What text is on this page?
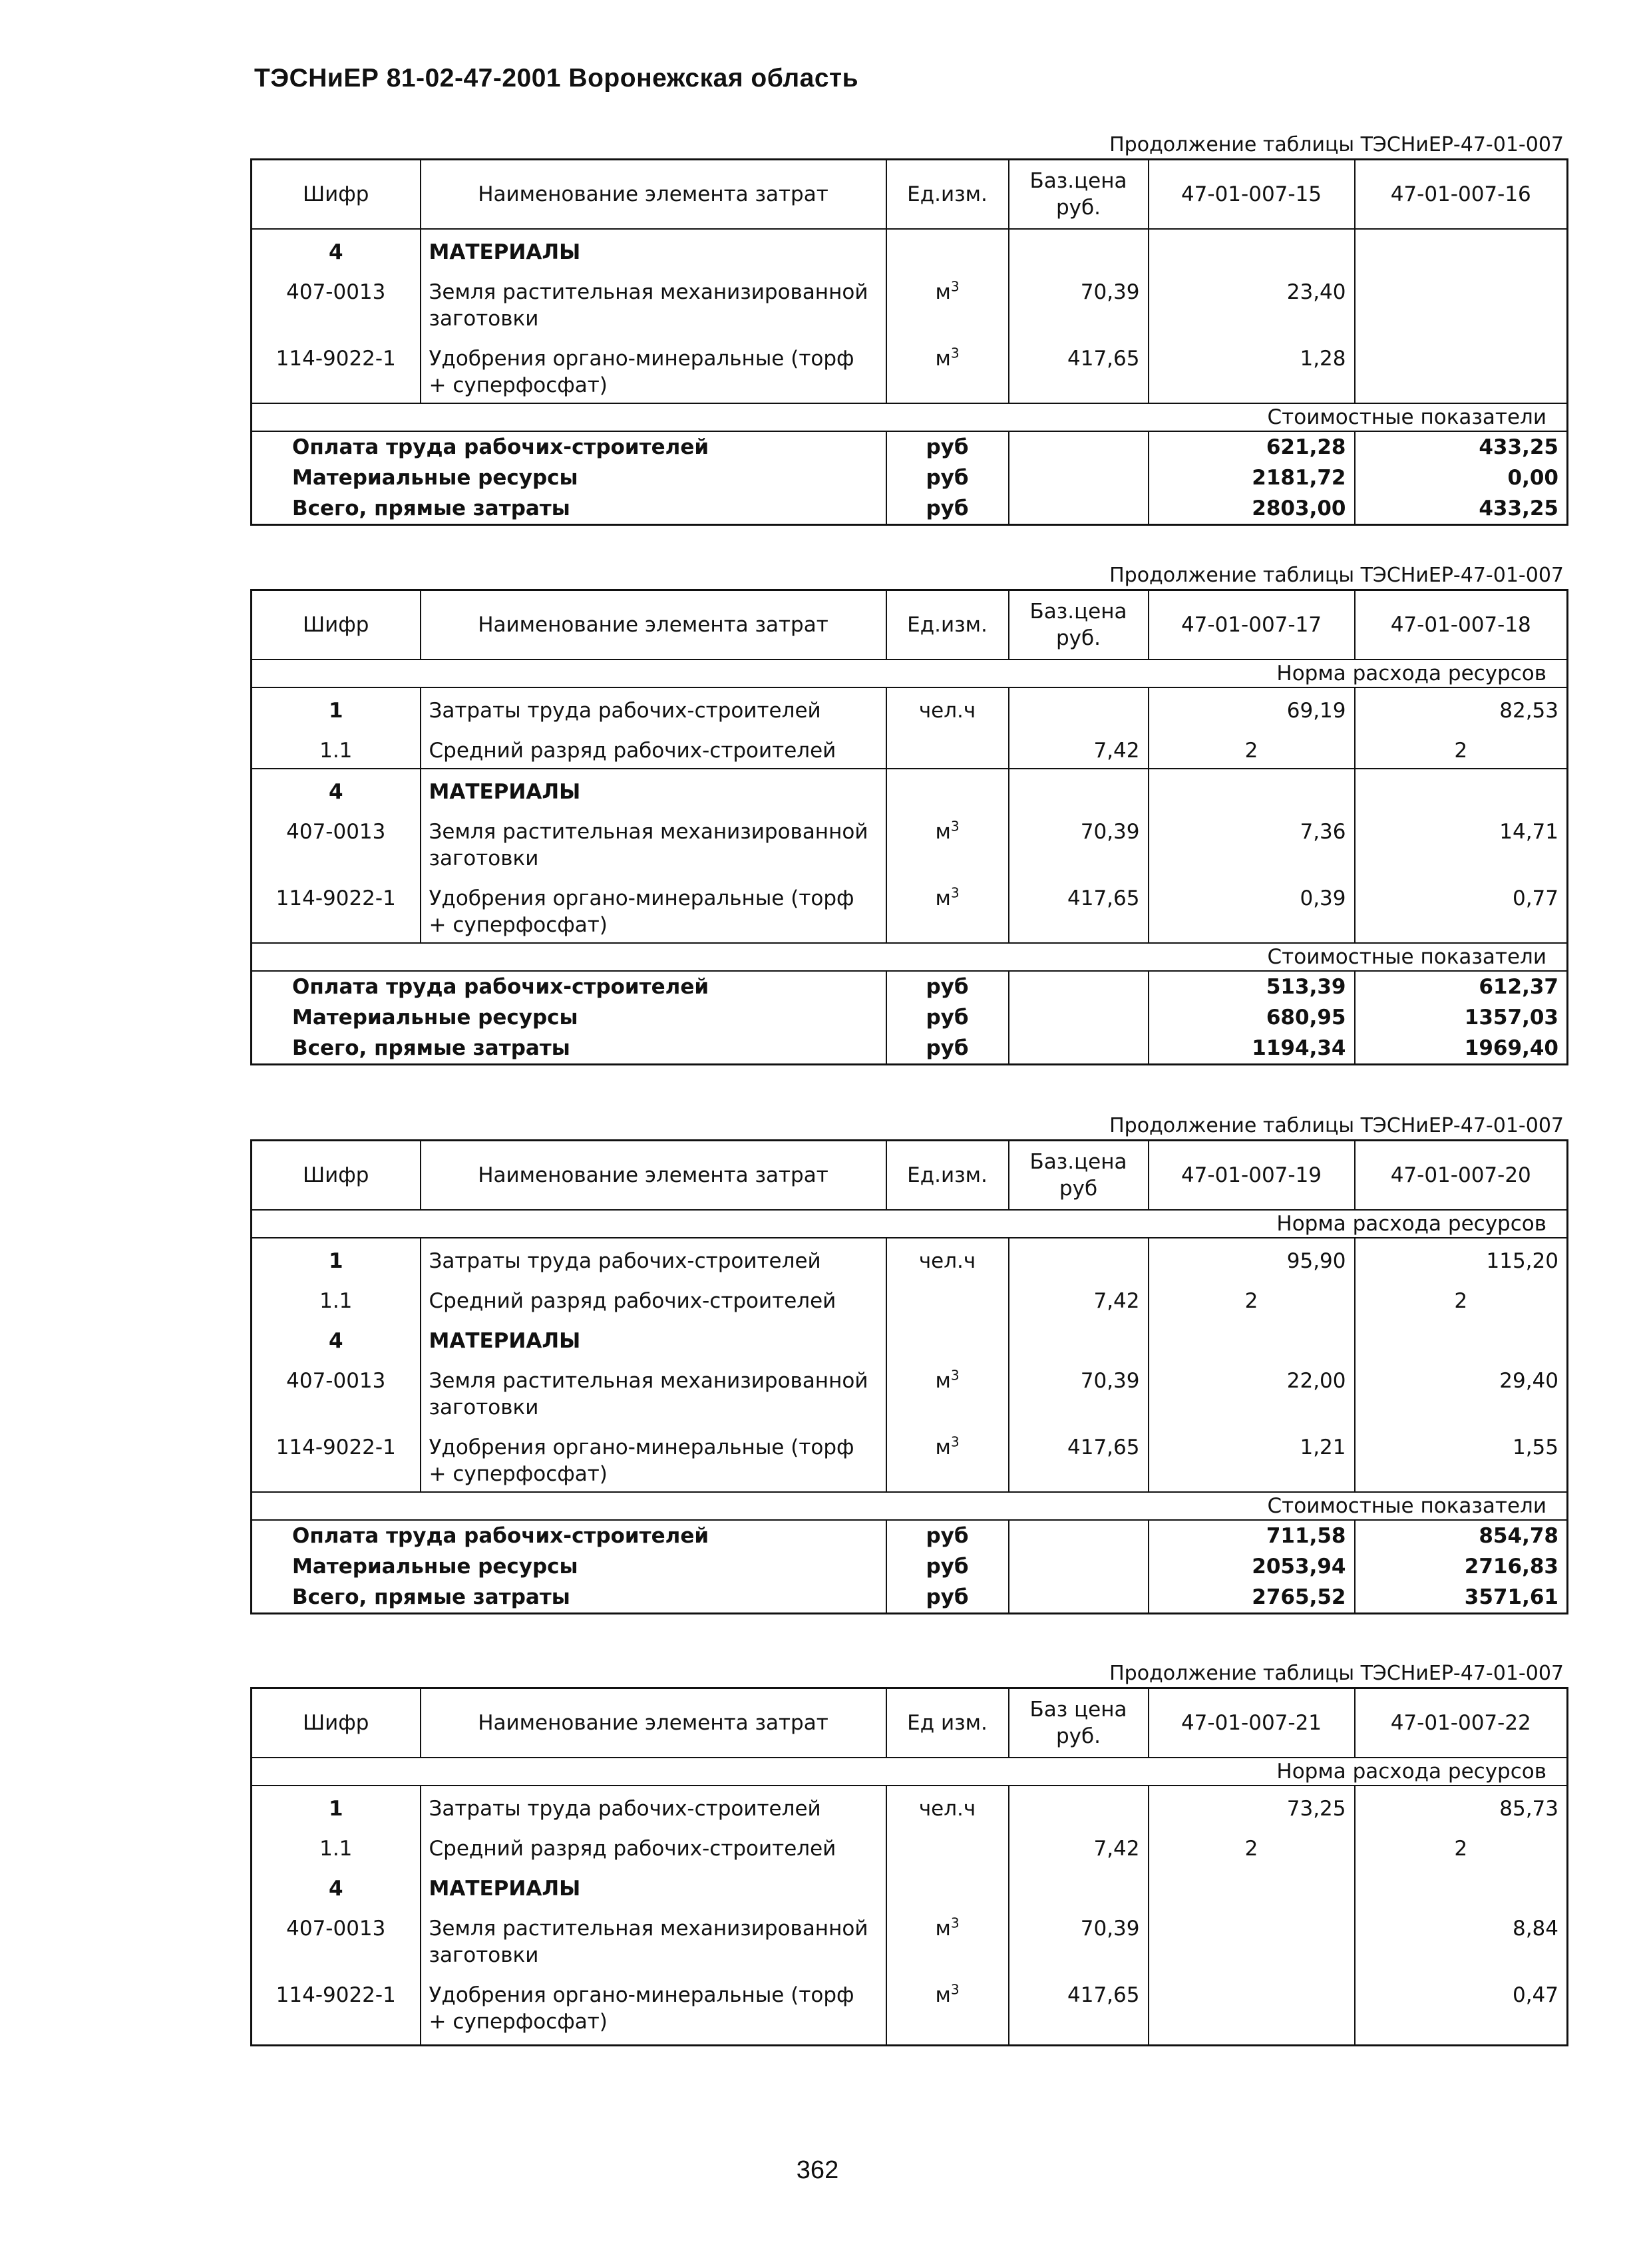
ТЭСНиЕР 81-02-47-2001 Воронежская область
Продолжение таблицы ТЭСНиЕР-47-01-007
Шифр	Наименование элемента затрат	Ед.изм.	Баз.цена руб.	47-01-007-15	47-01-007-16
4	МАТЕРИАЛЫ				
407-0013	Земля растительная механизированной заготовки	$м^3$	70,39	23,40	
114-9022-1	Удобрения органо-минеральные (торф + суперфосфат)	$м^3$	417,65	1,28	
Стоимостные показатели					
Оплата труда рабочих-строителей		руб		621,28	433,25
Материальные ресурсы		руб		2181,72	0,00
Всего, прямые затраты		руб		2803,00	433,25
Продолжение таблицы ТЭСНиЕР-47-01-007
Шифр	Наименование элемента затрат	Ед.изм.	Баз.цена руб.	47-01-007-17	47-01-007-18
Норма расхода ресурсов					
1	Затраты труда рабочих-строителей	чел.ч		69,19	82,53
1.1	Средний разряд рабочих-строителей		7,42	2	2
4	МАТЕРИАЛЫ				
407-0013	Земля растительная механизированной заготовки	$м^3$	70,39	7,36	14,71
114-9022-1	Удобрения органо-минеральные (торф + суперфосфат)	$м^3$	417,65	0,39	0,77
Стоимостные показатели					
Оплата труда рабочих-строителей		руб		513,39	612,37
Материальные ресурсы		руб		680,95	1357,03
Всего, прямые затраты		руб		1194,34	1969,40
Продолжение таблицы ТЭСНиЕР-47-01-007
Шифр	Наименование элемента затрат	Ед.изм.	Баз.цена руб	47-01-007-19	47-01-007-20
Норма расхода ресурсов					
1	Затраты труда рабочих-строителей	чел.ч		95,90	115,20
1.1	Средний разряд рабочих-строителей		7,42	2	2
4	МАТЕРИАЛЫ				
407-0013	Земля растительная механизированной заготовки	$м^3$	70,39	22,00	29,40
114-9022-1	Удобрения органо-минеральные (торф + суперфосфат)	$м^3$	417,65	1,21	1,55
Стоимостные показатели					
Оплата труда рабочих-строителей		руб		711,58	854,78
Материальные ресурсы		руб		2053,94	2716,83
Всего, прямые затраты		руб		2765,52	3571,61
Продолжение таблицы ТЭСНиЕР-47-01-007
Шифр	Наименование элемента затрат	Ед изм.	Баз цена руб.	47-01-007-21	47-01-007-22
Норма расхода ресурсов					
1	Затраты труда рабочих-строителей	чел.ч		73,25	85,73
1.1	Средний разряд рабочих-строителей		7,42	2	2
4	МАТЕРИАЛЫ				
407-0013	Земля растительная механизированной заготовки	$м^3$	70,39		8,84
114-9022-1	Удобрения органо-минеральные (торф + суперфосфат)	$м^3$	417,65		0,47
362
